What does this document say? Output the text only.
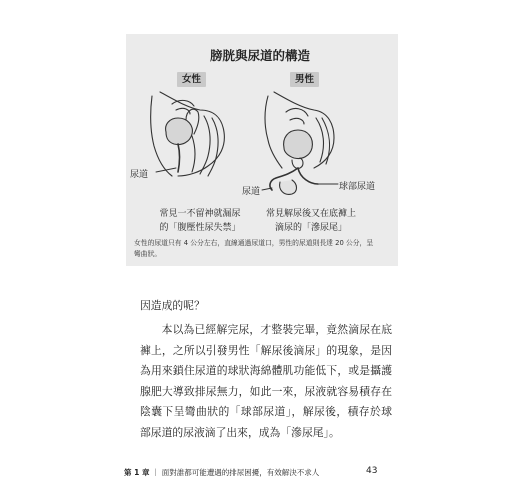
膀胱與尿道的構造
女性	男性
尿道
尿道	球部尿道
常見一不留神就漏尿
的「腹壓性尿失禁」
常見解尿後又在底褲上
滴尿的「滲尿尾」
女性的尿道只有 4 公分左右，直線通過尿道口，男性的尿道則長達 20 公分，呈
彎曲狀。
因造成的呢？
本以為已經解完尿，才整裝完畢，竟然滴尿在底褲上，之所以引發男性「解尿後滴尿」的現象，是因為用來鎖住尿道的球狀海綿體肌功能低下，或是攝護腺肥大導致排尿無力，如此一來，尿液就容易積存在陰囊下呈彎曲狀的「球部尿道」，解尿後，積存於球部尿道的尿液滴了出來，成為「滲尿尾」。
第 1 章 ｜ 面對誰都可能遭遇的排尿困擾，有效解決不求人	43
